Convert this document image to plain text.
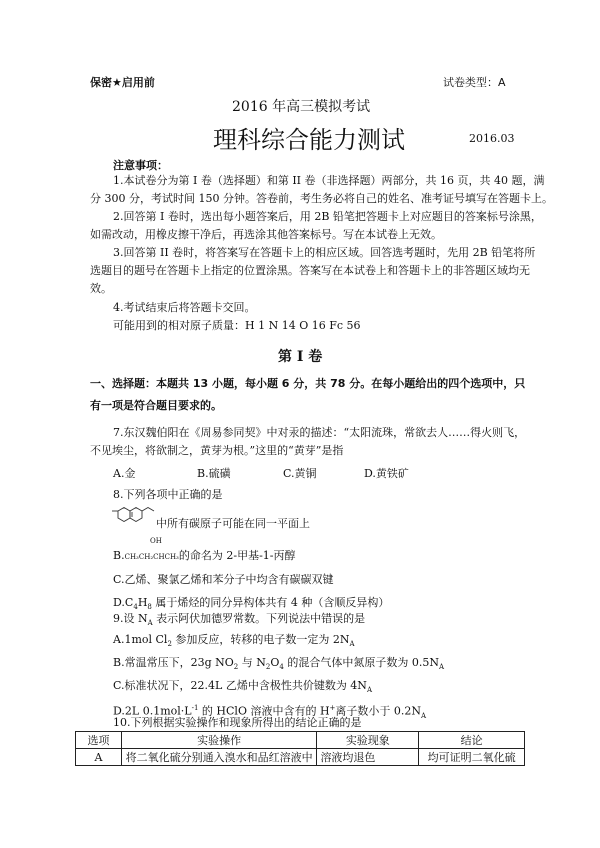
保密★启用前	试卷类型：A
2016 年高三模拟考试
理科综合能力测试	2016.03
注意事项：
1.本试卷分为第 I 卷（选择题）和第 II 卷（非选择题）两部分，共 16 页，共 40 题，满
分 300 分，考试时间 150 分钟。答卷前，考生务必将自己的姓名、准考证号填写在答题卡上。
2.回答第 I 卷时，选出每小题答案后，用 2B 铅笔把答题卡上对应题目的答案标号涂黑，
如需改动，用橡皮擦干净后，再选涂其他答案标号。写在本试卷上无效。
3.回答第 II 卷时，将答案写在答题卡上的相应区域。回答选考题时，先用 2B 铅笔将所
选题目的题号在答题卡上指定的位置涂黑。答案写在本试卷上和答题卡上的非答题区域均无
效。
4.考试结束后将答题卡交回。
可能用到的相对原子质量：H 1 N 14 O 16 Fc 56
第 I 卷
一、选择题：本题共 13 小题，每小题 6 分，共 78 分。在每小题给出的四个选项中，只
有一项是符合题目要求的。
7.东汉魏伯阳在《周易参同契》中对汞的描述：“太阳流珠，常欲去人……得火则飞，
不见埃尘，将欲制之，黄芽为根。”这里的“黄芽”是指
A.金	B.硫磺	C.黄铜	D.黄铁矿
8.下列各项中正确的是
中所有碳原子可能在同一平面上
OH
B.CH₃CH₂CHCH₃的命名为 2-甲基-1-丙醇
C.乙烯、聚氯乙烯和苯分子中均含有碳碳双键
$D.C_4H_8$ 属于烯烃的同分异构体共有 4 种（含顺反异构）
9.设 $N_A$ 表示阿伏加德罗常数。下列说法中错误的是
A.1mol $Cl_2$ 参加反应，转移的电子数一定为 $2N_A$
B.常温常压下，23g $NO_2$ 与 $N_2O_4$ 的混合气体中氮原子数为 $0.5N_A$
C.标准状况下，22.4L 乙烯中含极性共价键数为 $4N_A$
D.2L $0.1mol\cdot L^{-1}$ 的 HClO 溶液中含有的 H+离子数小于 $0.2N_A$
10.下列根据实验操作和现象所得出的结论正确的是
选项	实验操作	实验现象	结论
A	将二氧化硫分别通入溴水和品红溶液中	溶液均退色	均可证明二氧化硫
